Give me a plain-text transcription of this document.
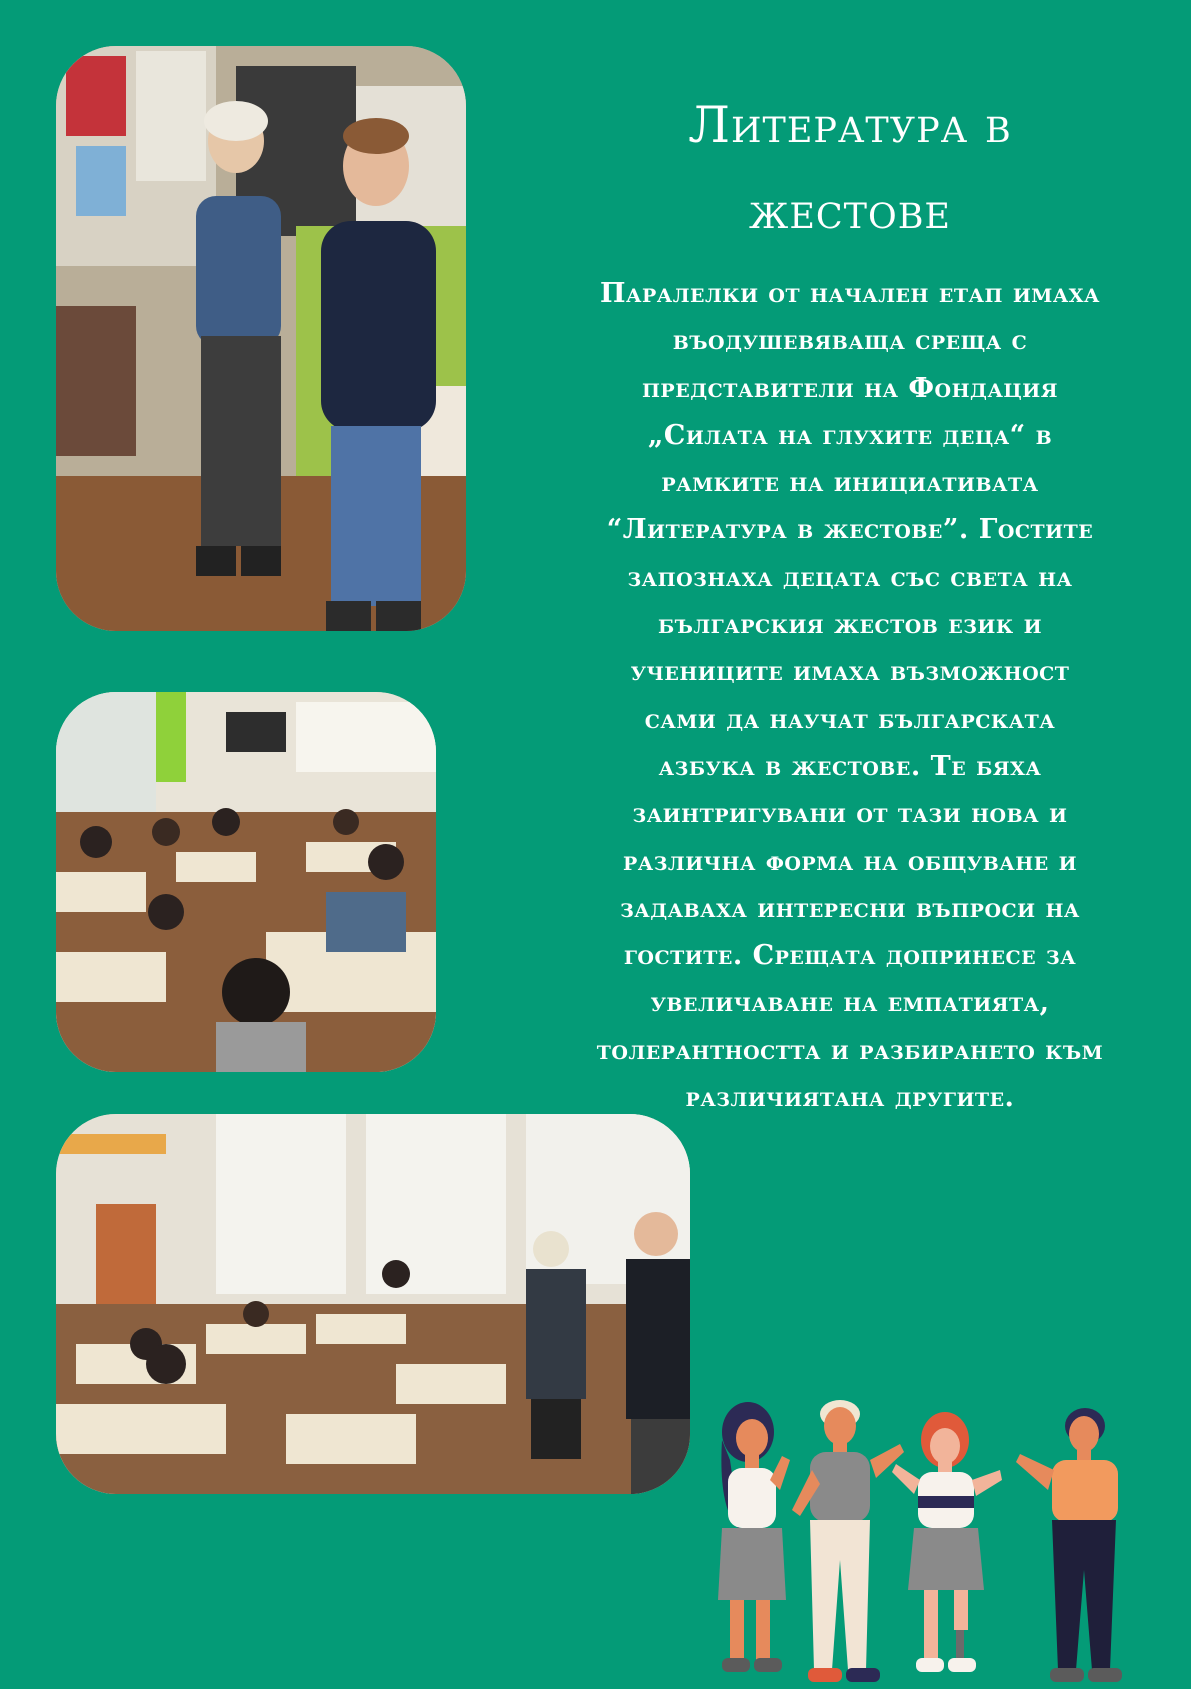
Литература в
жестове
Паралелки от начален етап имаха
въодушевяваща среща с
представители на Фондация
„Силата на глухите деца“ в
рамките на инициативата
“Литература в жестове”. Гостите
запознаха децата със света на
българския жестов език и
учениците имаха възможност
сами да научат българската
азбука в жестове. Те бяха
заинтригувани от тази нова и
различна форма на общуване и
задаваха интересни въпроси на
гостите. Срещата допринесе за
увеличаване на емпатията,
толерантността и разбирането към
различиятана другите.
